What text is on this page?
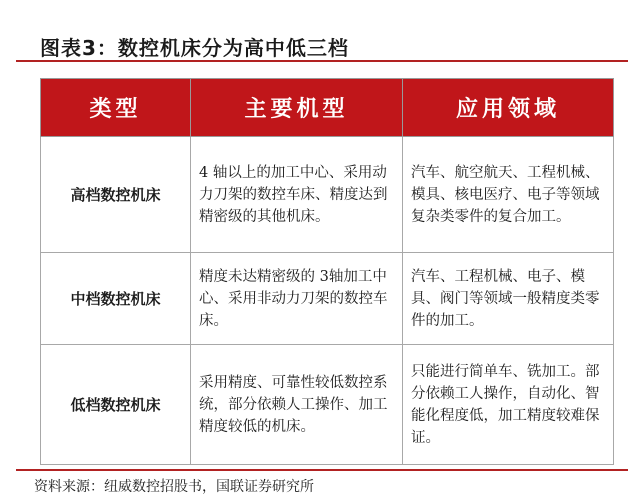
图表3：数控机床分为高中低三档
类型	主要机型	应用领域
高档数控机床	4 轴以上的加工中心、采用动力刀架的数控车床、精度达到精密级的其他机床。	汽车、航空航天、工程机械、模具、核电医疗、电子等领域复杂类零件的复合加工。
中档数控机床	精度未达精密级的 3轴加工中心、采用非动力刀架的数控车床。	汽车、工程机械、电子、模具、阀门等领域一般精度类零件的加工。
低档数控机床	采用精度、可靠性较低数控系统，部分依赖人工操作、加工精度较低的机床。	只能进行简单车、铣加工。部分依赖工人操作，自动化、智能化程度低，加工精度较难保证。
资料来源：纽威数控招股书，国联证券研究所
